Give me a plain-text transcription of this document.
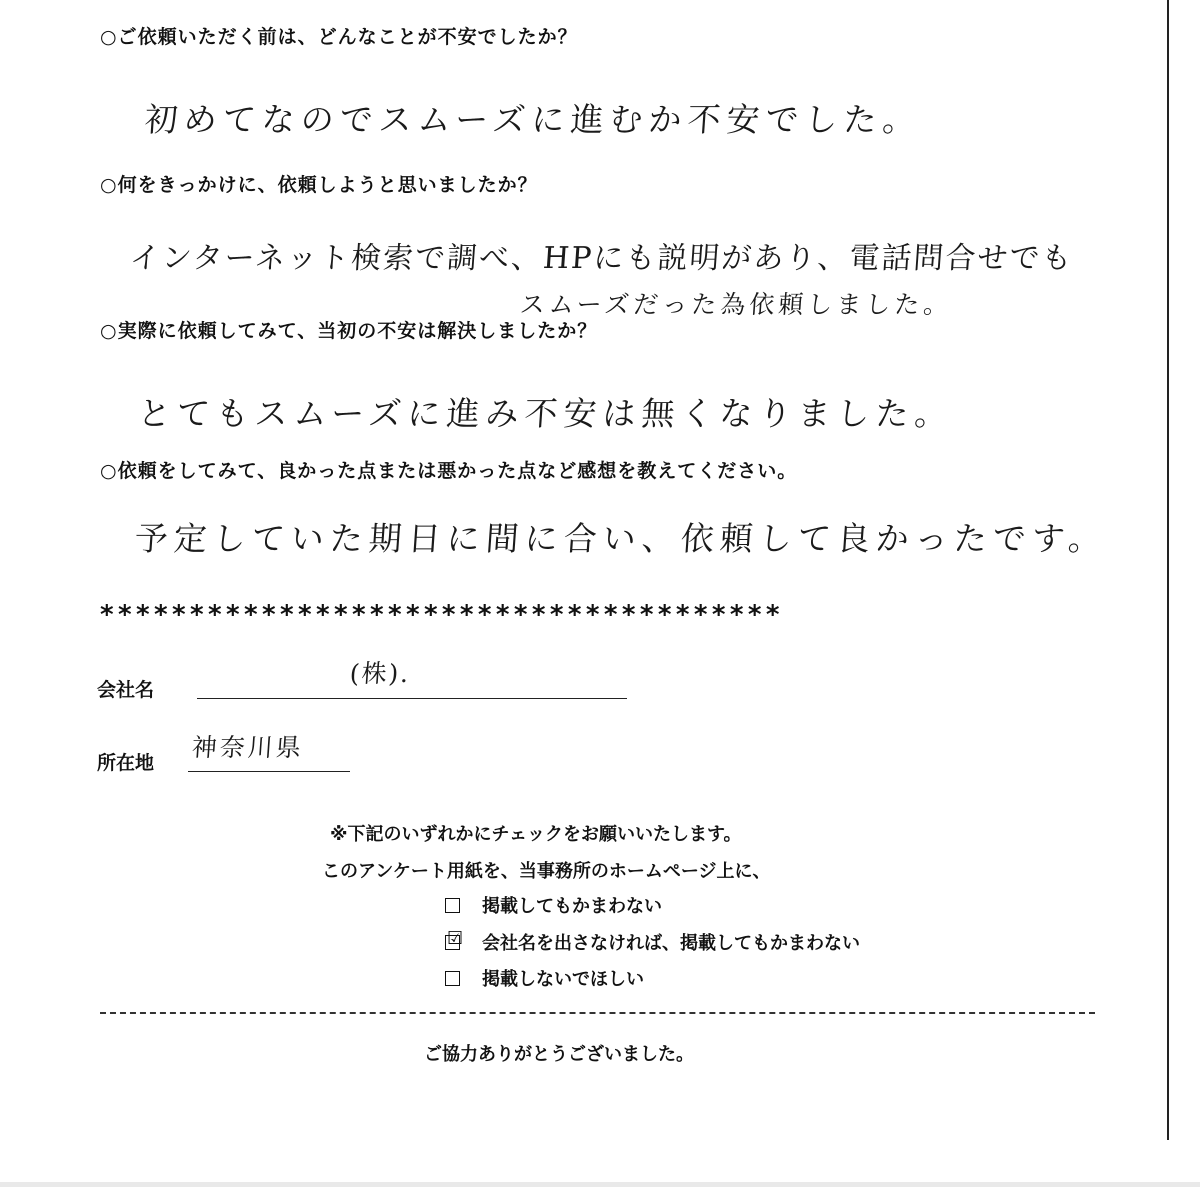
○ご依頼いただく前は、どんなことが不安でしたか？
初めてなのでスムーズに進むか不安でした。
○何をきっかけに、依頼しようと思いましたか？
インターネット検索で調べ、HPにも説明があり、電話問合せでも
スムーズだった為依頼しました。
○実際に依頼してみて、当初の不安は解決しましたか？
とてもスムーズに進み不安は無くなりました。
○依頼をしてみて、良かった点または悪かった点など感想を教えてください。
予定していた期日に間に合い、依頼して良かったです。
**************************************
会社名
(株).
所在地
神奈川県
※下記のいずれかにチェックをお願いいたします。
このアンケート用紙を、当事務所のホームページ上に、
掲載してもかまわない
☑ 会社名を出さなければ、掲載してもかまわない
掲載しないでほしい
ご協力ありがとうございました。
